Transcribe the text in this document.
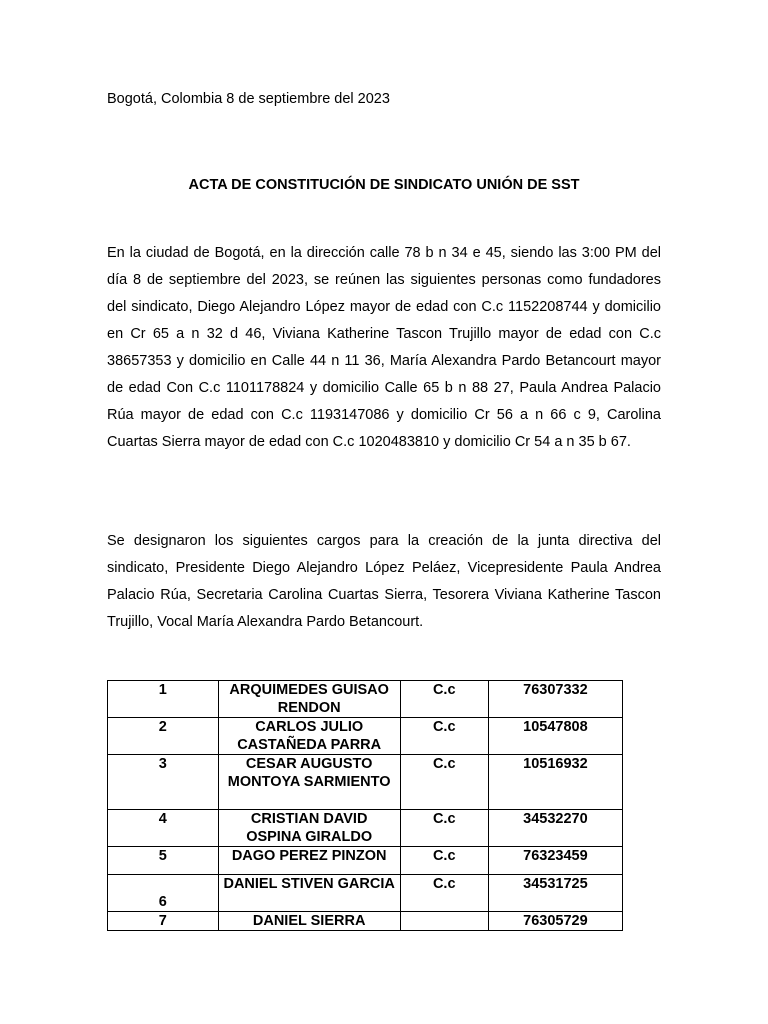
Bogotá, Colombia 8 de septiembre del 2023
ACTA DE CONSTITUCIÓN DE SINDICATO UNIÓN DE SST

En la ciudad de Bogotá, en la dirección calle 78 b n 34 e 45, siendo las 3:00 PM del día 8 de septiembre del 2023, se reúnen las siguientes personas como fundadores del sindicato, Diego Alejandro López mayor de edad con C.c 1152208744 y domicilio en Cr 65 a n 32 d 46, Viviana Katherine Tascon Trujillo mayor de edad con C.c 38657353 y domicilio en Calle 44 n 11 36, María Alexandra Pardo Betancourt mayor de edad Con C.c 1101178824 y domicilio Calle 65 b n 88 27, Paula Andrea Palacio Rúa mayor de edad con C.c 1193147086 y domicilio Cr 56 a n 66 c 9, Carolina Cuartas Sierra mayor de edad con C.c 1020483810 y domicilio Cr 54 a n 35 b 67.

Se designaron los siguientes cargos para la creación de la junta directiva del sindicato, Presidente Diego Alejandro López Peláez, Vicepresidente Paula Andrea Palacio Rúa, Secretaria Carolina Cuartas Sierra, Tesorera Viviana Katherine Tascon Trujillo, Vocal María Alexandra Pardo Betancourt.

1	ARQUIMEDES GUISAO RENDON	C.c	76307332
2	CARLOS JULIO CASTAÑEDA PARRA	C.c	10547808
3	CESAR AUGUSTO MONTOYA SARMIENTO	C.c	10516932
4	CRISTIAN DAVID OSPINA GIRALDO	C.c	34532270
5	DAGO PEREZ PINZON	C.c	76323459
6	DANIEL STIVEN GARCIA	C.c	34531725
7	DANIEL SIERRA		76305729
